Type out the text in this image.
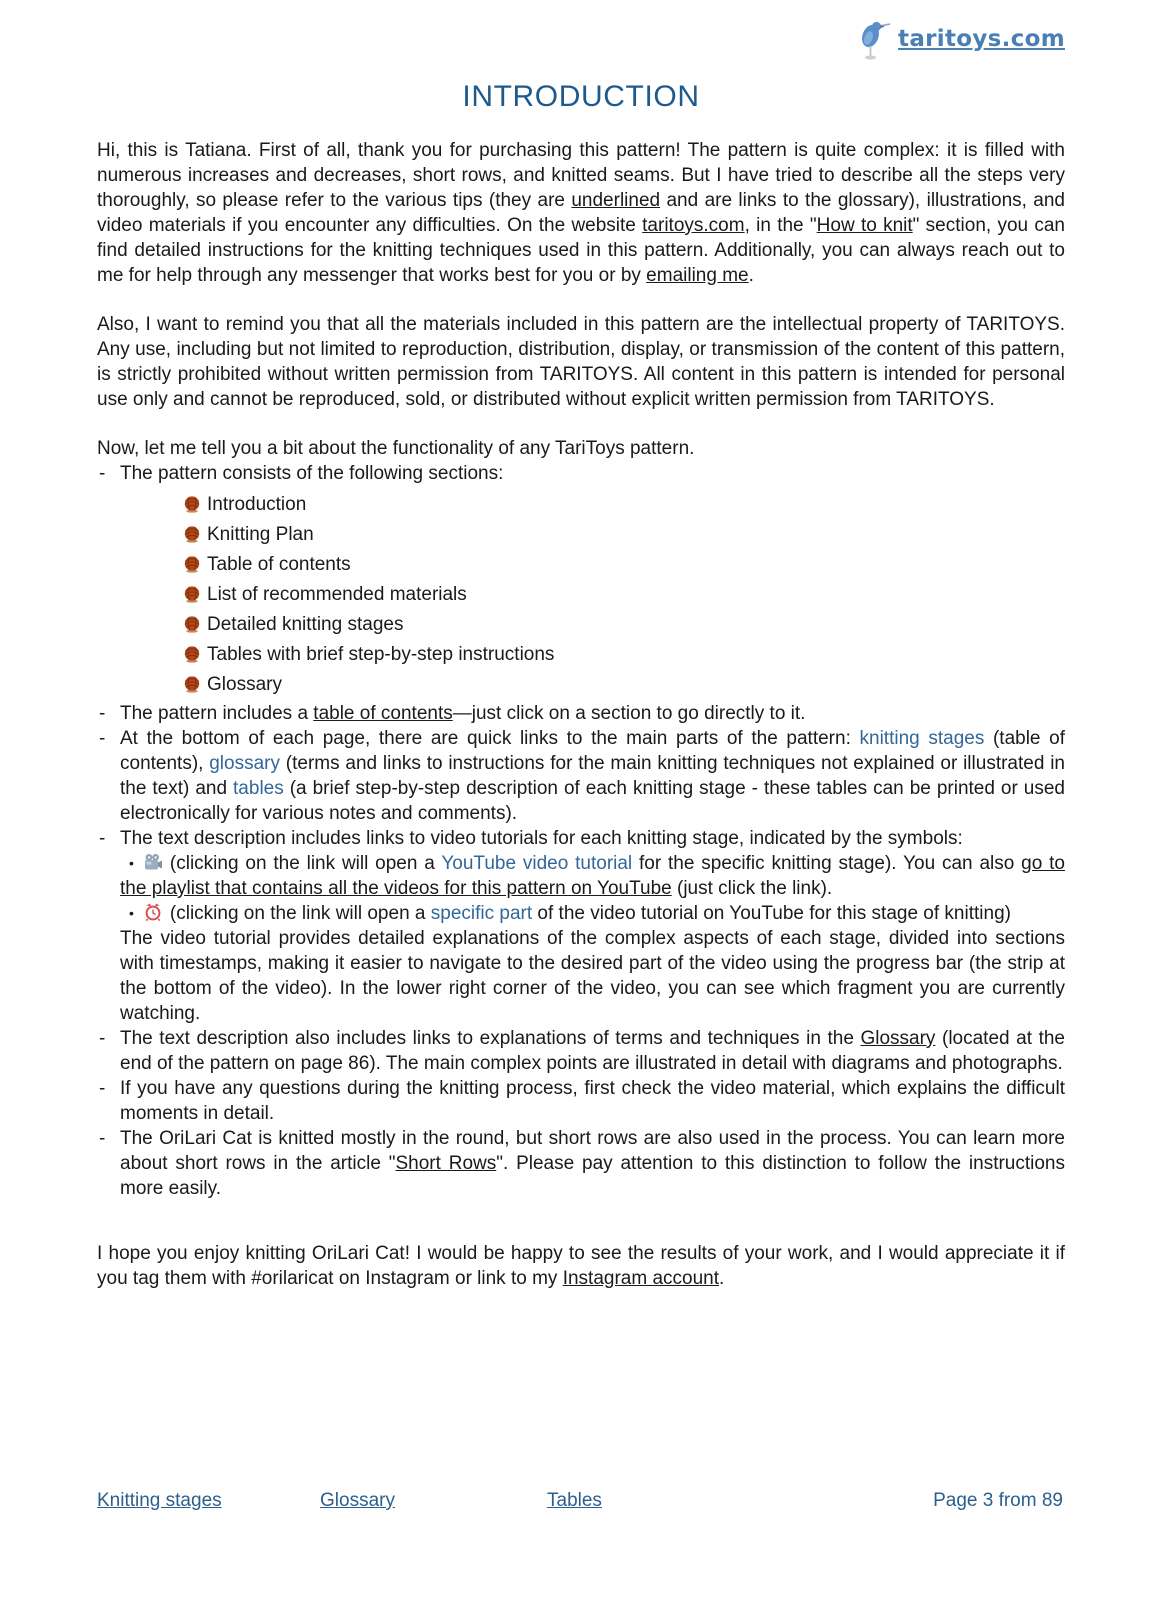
taritoys.com
INTRODUCTION

Hi, this is Tatiana. First of all, thank you for purchasing this pattern! The pattern is quite complex: it is filled with numerous increases and decreases, short rows, and knitted seams. But I have tried to describe all the steps very thoroughly, so please refer to the various tips (they are underlined and are links to the glossary), illustrations, and video materials if you encounter any difficulties. On the website taritoys.com, in the "How to knit" section, you can find detailed instructions for the knitting techniques used in this pattern. Additionally, you can always reach out to me for help through any messenger that works best for you or by emailing me.

Also, I want to remind you that all the materials included in this pattern are the intellectual property of TARITOYS. Any use, including but not limited to reproduction, distribution, display, or transmission of the content of this pattern, is strictly prohibited without written permission from TARITOYS. All content in this pattern is intended for personal use only and cannot be reproduced, sold, or distributed without explicit written permission from TARITOYS.

Now, let me tell you a bit about the functionality of any TariToys pattern.

- The pattern consists of the following sections:

Introduction
Knitting Plan
Table of contents
List of recommended materials
Detailed knitting stages
Tables with brief step-by-step instructions
Glossary
- The pattern includes a table of contents—just click on a section to go directly to it.

- At the bottom of each page, there are quick links to the main parts of the pattern: knitting stages (table of contents), glossary (terms and links to instructions for the main knitting techniques not explained or illustrated in the text) and tables (a brief step-by-step description of each knitting stage - these tables can be printed or used electronically for various notes and comments).

- The text description includes links to video tutorials for each knitting stage, indicated by the symbols:

• (clicking on the link will open a YouTube video tutorial for the specific knitting stage). You can also go to the playlist that contains all the videos for this pattern on YouTube (just click the link).

• (clicking on the link will open a specific part of the video tutorial on YouTube for this stage of knitting)

The video tutorial provides detailed explanations of the complex aspects of each stage, divided into sections with timestamps, making it easier to navigate to the desired part of the video using the progress bar (the strip at the bottom of the video). In the lower right corner of the video, you can see which fragment you are currently watching.

- The text description also includes links to explanations of terms and techniques in the Glossary (located at the end of the pattern on page 86). The main complex points are illustrated in detail with diagrams and photographs.

- If you have any questions during the knitting process, first check the video material, which explains the difficult moments in detail.

- The OriLari Cat is knitted mostly in the round, but short rows are also used in the process. You can learn more about short rows in the article "Short Rows". Please pay attention to this distinction to follow the instructions more easily.

I hope you enjoy knitting OriLari Cat! I would be happy to see the results of your work, and I would appreciate it if you tag them with #orilaricat on Instagram or link to my Instagram account.

Knitting stages	Glossary	Tables	Page 3 from 89
